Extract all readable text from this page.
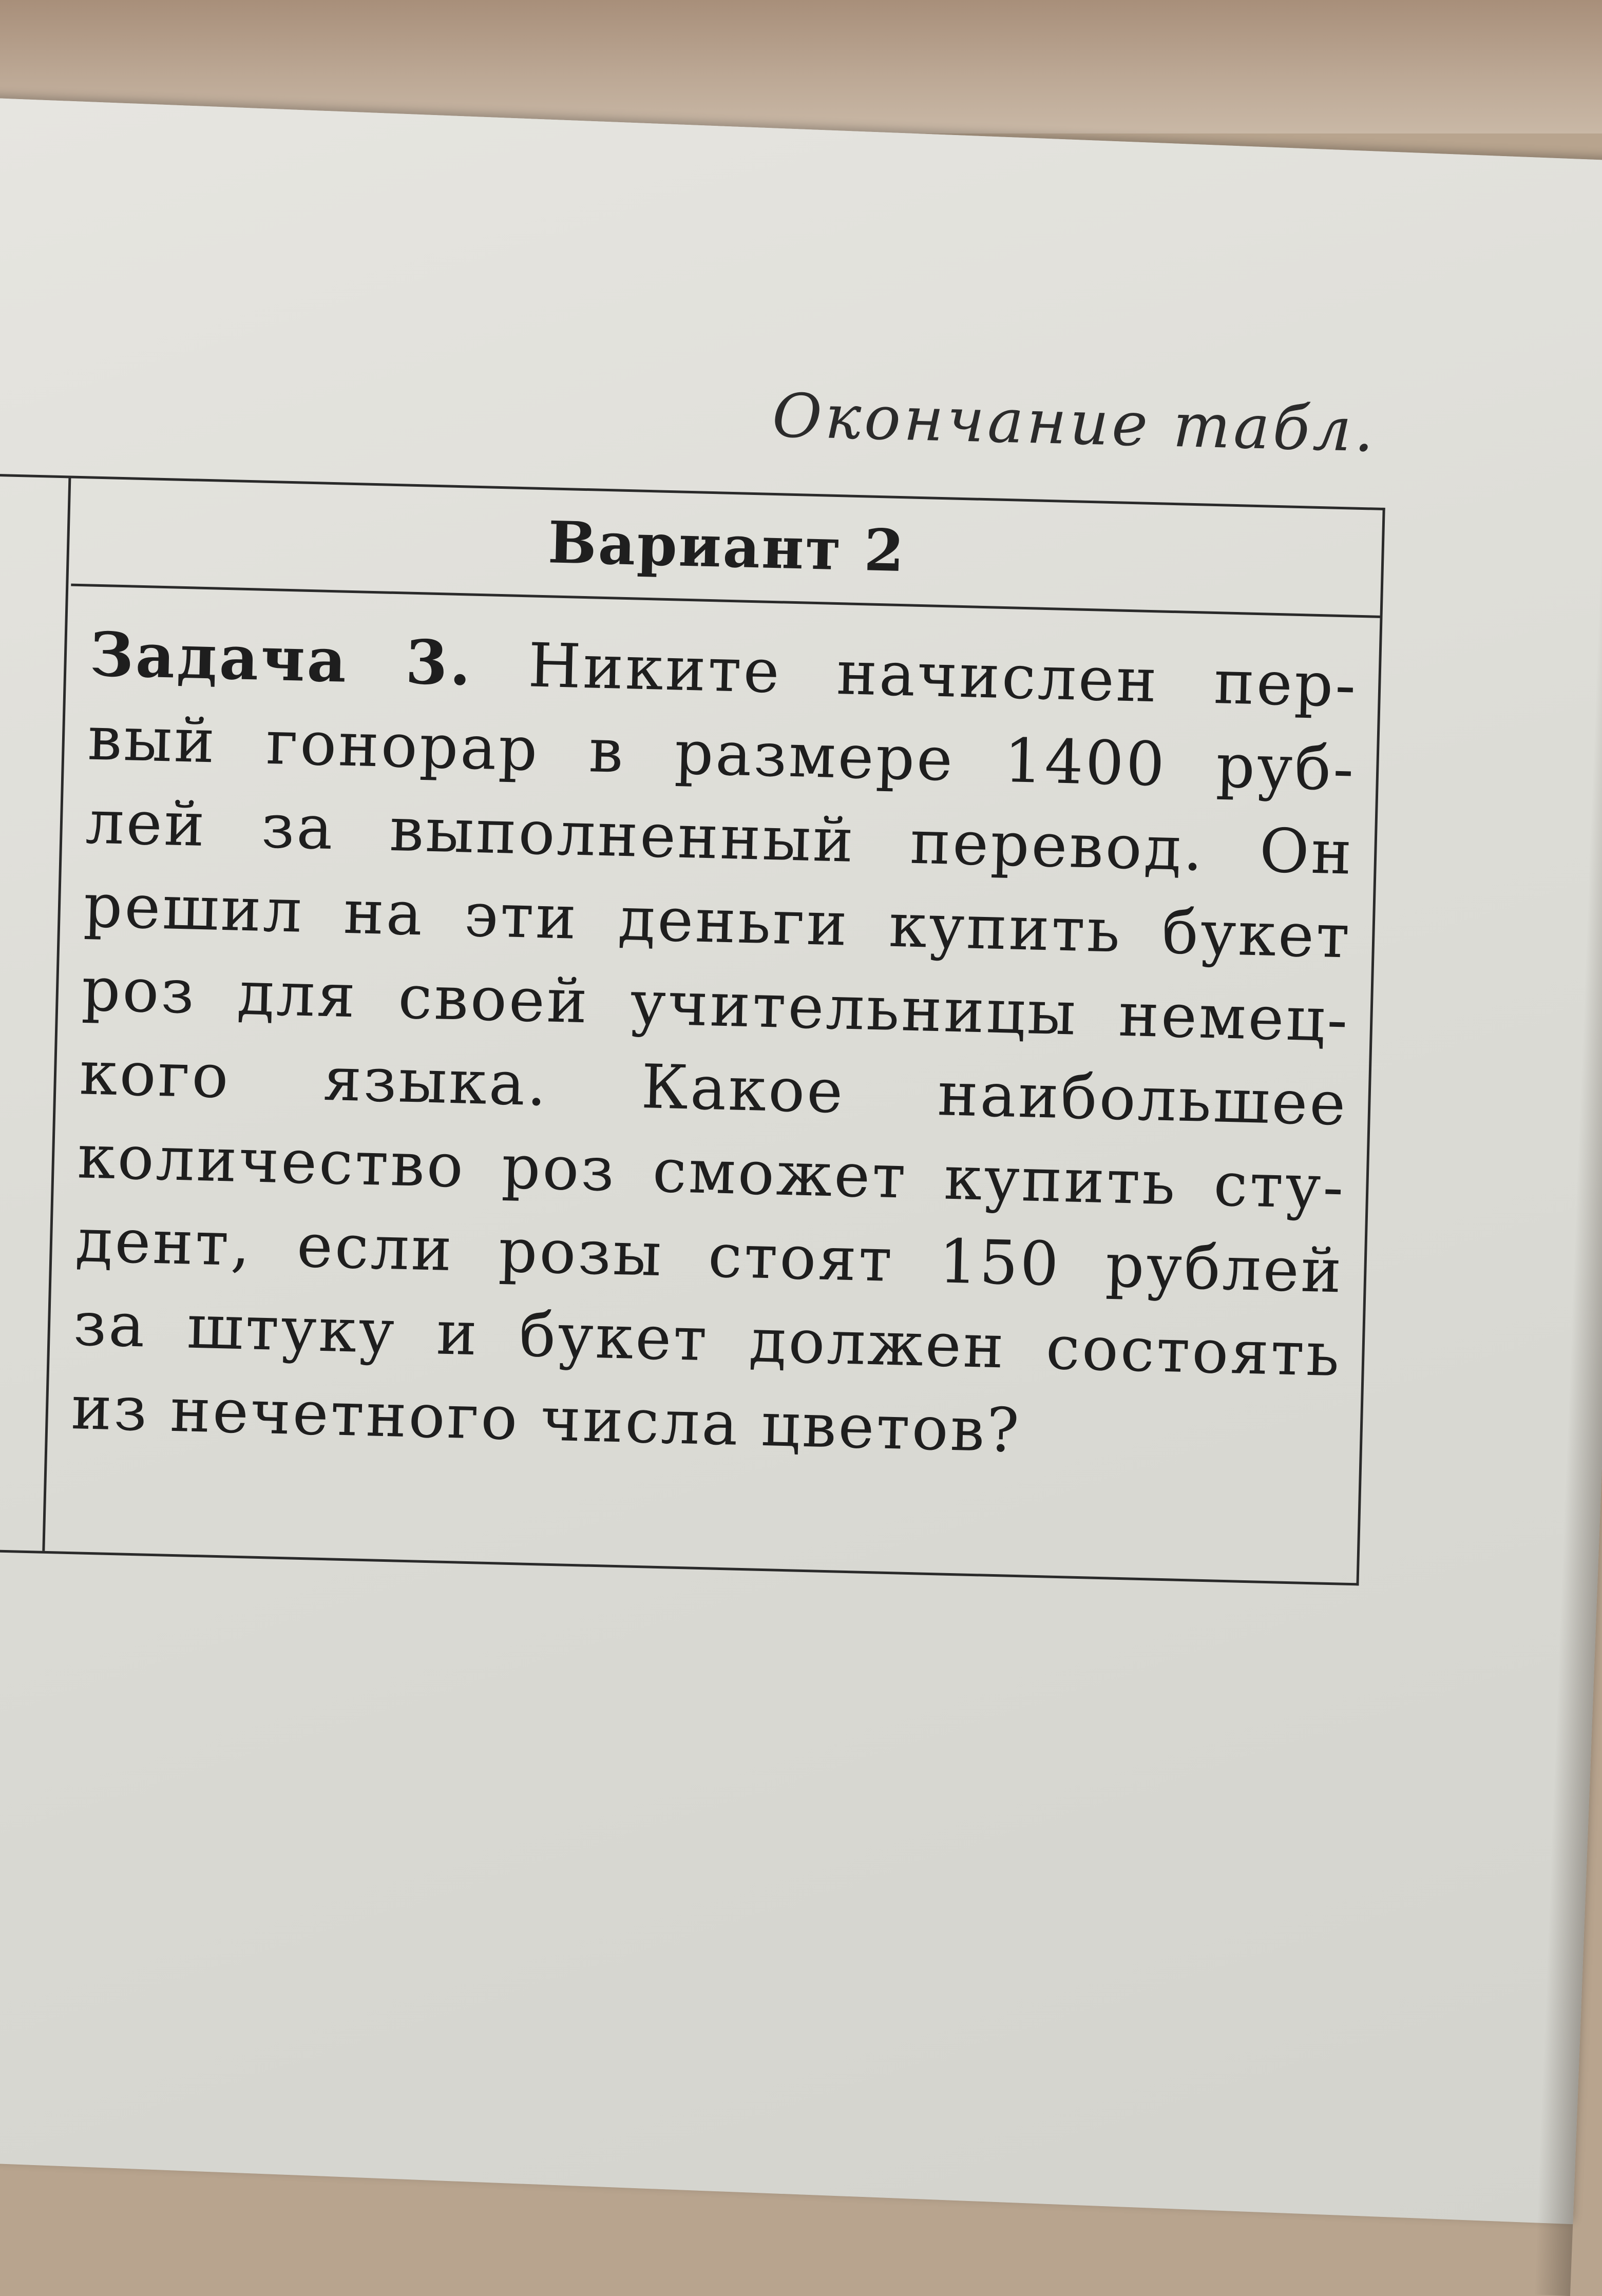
Окончание табл.
Вариант 2
Задача 3. Никите начислен пер-
вый гонорар в размере 1400 руб-
лей за выполненный перевод. Он
решил на эти деньги купить букет
роз для своей учительницы немец-
кого языка. Какое наибольшее
количество роз сможет купить сту-
дент, если розы стоят 150 рублей
за штуку и букет должен состоять
из нечетного числа цветов?
